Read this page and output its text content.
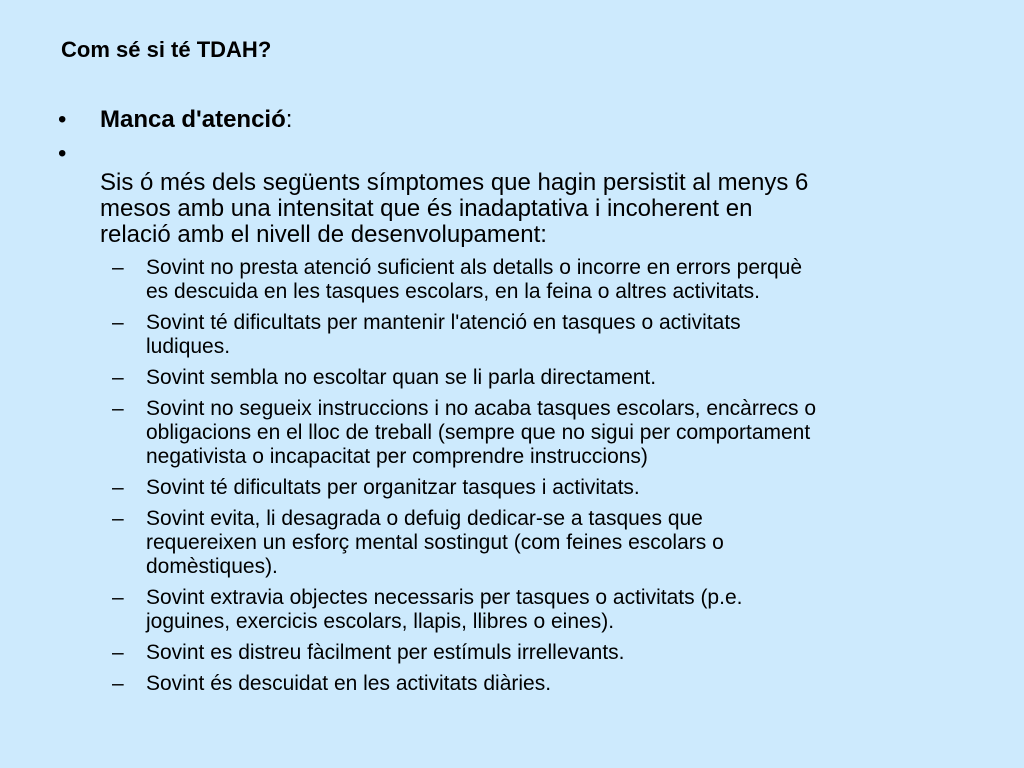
Com sé si té TDAH?
•	Manca d'atenció:
•
Sis ó més dels següents símptomes que hagin persistit al menys 6
mesos amb una intensitat que és inadaptativa i incoherent en
relació amb el nivell de desenvolupament:
– Sovint no presta atenció suficient als detalls o incorre en errors perquè
es descuida en les tasques escolars, en la feina o altres activitats.
– Sovint té dificultats per mantenir l'atenció en tasques o activitats
ludiques.
– Sovint sembla no escoltar quan se li parla directament.
– Sovint no segueix instruccions i no acaba tasques escolars, encàrrecs o
obligacions en el lloc de treball (sempre que no sigui per comportament
negativista o incapacitat per comprendre instruccions)
– Sovint té dificultats per organitzar tasques i activitats.
– Sovint evita, li desagrada o defuig dedicar-se a tasques que
requereixen un esforç mental sostingut (com feines escolars o
domèstiques).
– Sovint extravia objectes necessaris per tasques o activitats (p.e.
joguines, exercicis escolars, llapis, llibres o eines).
– Sovint es distreu fàcilment per estímuls irrellevants.
– Sovint és descuidat en les activitats diàries.
